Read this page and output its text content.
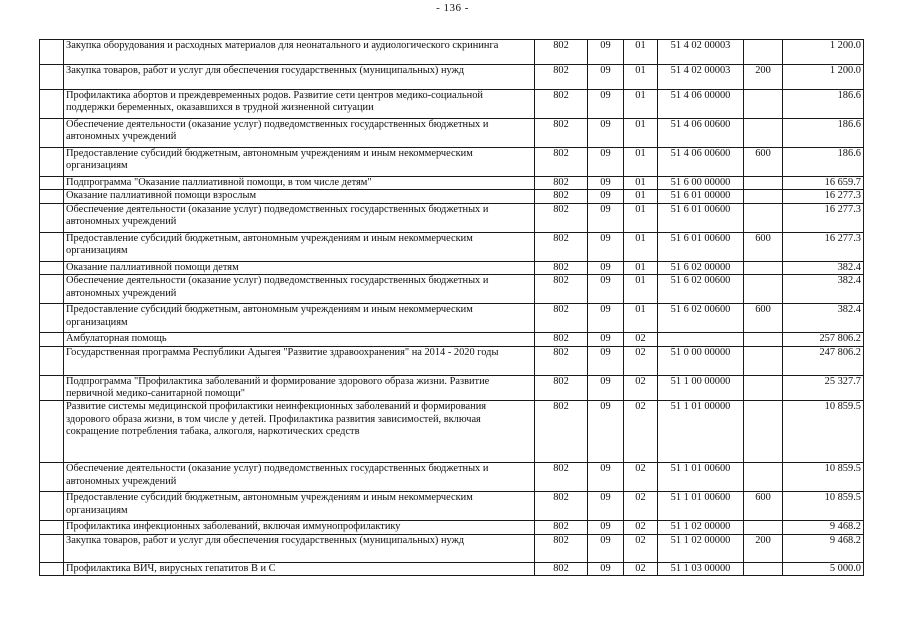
- 136 -
	Закупка оборудования и расходных материалов для неонатального и аудиологического скрининга	802	09	01	51 4 02 00003		1 200.0
	Закупка товаров, работ и услуг для обеспечения государственных (муниципальных) нужд	802	09	01	51 4 02 00003	200	1 200.0
	Профилактика абортов и преждевременных родов. Развитие сети центров медико-социальной поддержки беременных, оказавшихся в трудной жизненной ситуации	802	09	01	51 4 06 00000		186.6
	Обеспечение деятельности (оказание услуг) подведомственных государственных бюджетных и автономных учреждений	802	09	01	51 4 06 00600		186.6
	Предоставление субсидий бюджетным, автономным учреждениям и иным некоммерческим организациям	802	09	01	51 4 06 00600	600	186.6
	Подпрограмма "Оказание паллиативной помощи, в том числе детям"	802	09	01	51 6 00 00000		16 659.7
	Оказание паллиативной помощи взрослым	802	09	01	51 6 01 00000		16 277.3
	Обеспечение деятельности (оказание услуг) подведомственных государственных бюджетных и автономных учреждений	802	09	01	51 6 01 00600		16 277.3
	Предоставление субсидий бюджетным, автономным учреждениям и иным некоммерческим организациям	802	09	01	51 6 01 00600	600	16 277.3
	Оказание паллиативной помощи детям	802	09	01	51 6 02 00000		382.4
	Обеспечение деятельности (оказание услуг) подведомственных государственных бюджетных и автономных учреждений	802	09	01	51 6 02 00600		382.4
	Предоставление субсидий бюджетным, автономным учреждениям и иным некоммерческим организациям	802	09	01	51 6 02 00600	600	382.4
	Амбулаторная помощь	802	09	02			257 806.2
	Государственная программа Республики Адыгея "Развитие здравоохранения" на 2014 - 2020 годы	802	09	02	51 0 00 00000		247 806.2
	Подпрограмма "Профилактика заболеваний и формирование здорового образа жизни. Развитие первичной медико-санитарной помощи"	802	09	02	51 1 00 00000		25 327.7
	Развитие системы медицинской профилактики неинфекционных заболеваний и формирования здорового образа жизни, в том числе у детей. Профилактика развития зависимостей, включая сокращение потребления табака, алкоголя, наркотических средств	802	09	02	51 1 01 00000		10 859.5
	Обеспечение деятельности (оказание услуг) подведомственных государственных бюджетных и автономных учреждений	802	09	02	51 1 01 00600		10 859.5
	Предоставление субсидий бюджетным, автономным учреждениям и иным некоммерческим организациям	802	09	02	51 1 01 00600	600	10 859.5
	Профилактика инфекционных заболеваний, включая иммунопрофилактику	802	09	02	51 1 02 00000		9 468.2
	Закупка товаров, работ и услуг для обеспечения государственных (муниципальных) нужд	802	09	02	51 1 02 00000	200	9 468.2
	Профилактика ВИЧ, вирусных гепатитов B и C	802	09	02	51 1 03 00000		5 000.0
